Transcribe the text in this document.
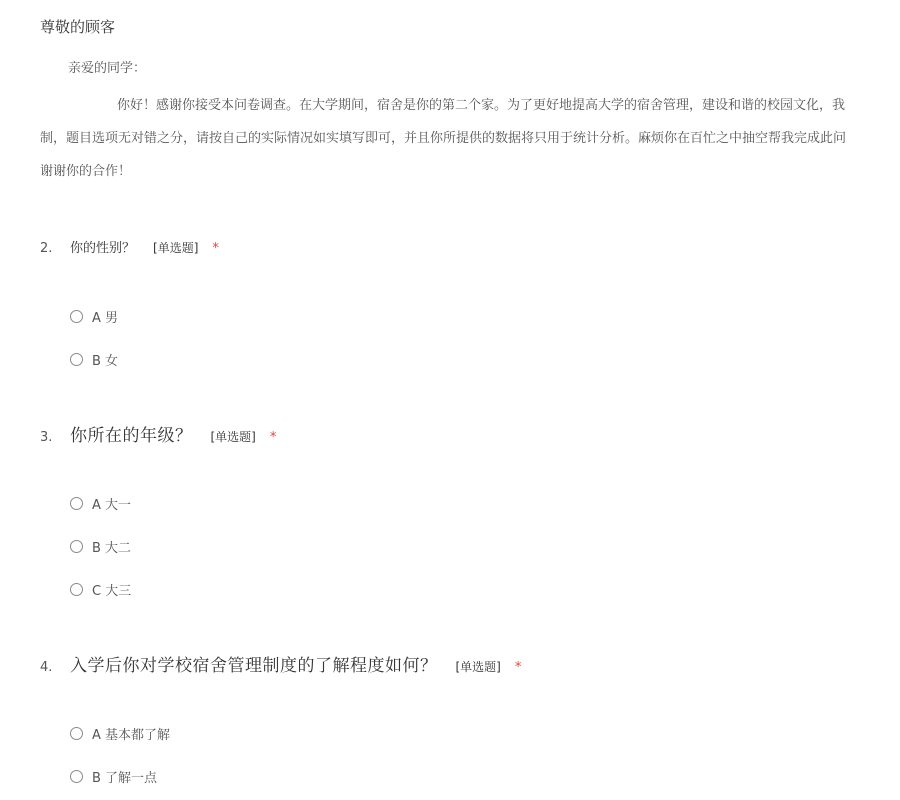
尊敬的顾客
亲爱的同学：
你好！感谢你接受本问卷调查。在大学期间，宿舍是你的第二个家。为了更好地提高大学的宿舍管理，建设和谐的校园文化，我
制，题目选项无对错之分，请按自己的实际情况如实填写即可，并且你所提供的数据将只用于统计分析。麻烦你在百忙之中抽空帮我完成此问
谢谢你的合作！
2.	你的性别？ [单选题] *
A 男
B 女
3.	你所在的年级？ [单选题] *
A 大一
B 大二
C 大三
4.	入学后你对学校宿舍管理制度的了解程度如何？ [单选题] *
A 基本都了解
B 了解一点
